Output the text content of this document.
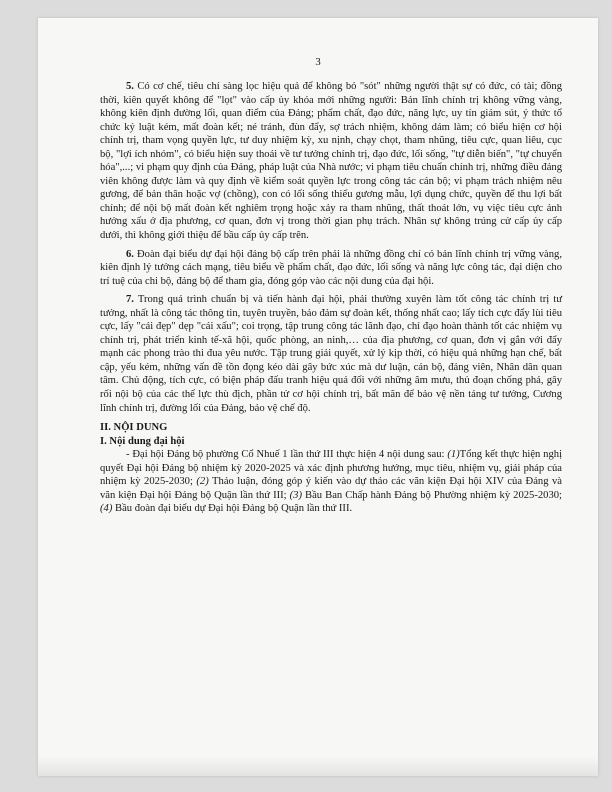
3

5. Có cơ chế, tiêu chí sàng lọc hiệu quả để không bỏ "sót" những người thật sự có đức, có tài; đồng thời, kiên quyết không để "lọt" vào cấp ủy khóa mới những người: Bản lĩnh chính trị không vững vàng, không kiên định đường lối, quan điểm của Đảng; phẩm chất, đạo đức, năng lực, uy tín giảm sút, ý thức tổ chức kỷ luật kém, mất đoàn kết; né tránh, đùn đẩy, sợ trách nhiệm, không dám làm; có biểu hiện cơ hội chính trị, tham vọng quyền lực, tư duy nhiệm kỳ, xu nịnh, chạy chọt, tham nhũng, tiêu cực, quan liêu, cục bộ, "lợi ích nhóm", có biểu hiện suy thoái về tư tưởng chính trị, đạo đức, lối sống, "tự diễn biến", "tự chuyển hóa",...; vi phạm quy định của Đảng, pháp luật của Nhà nước; vi phạm tiêu chuẩn chính trị, những điều đảng viên không được làm và quy định về kiểm soát quyền lực trong công tác cán bộ; vi phạm trách nhiệm nêu gương, để bản thân hoặc vợ (chồng), con có lối sống thiếu gương mẫu, lợi dụng chức, quyền để thu lợi bất chính; để nội bộ mất đoàn kết nghiêm trọng hoặc xảy ra tham nhũng, thất thoát lớn, vụ việc tiêu cực ảnh hưởng xấu ở địa phương, cơ quan, đơn vị trong thời gian phụ trách. Nhân sự không trúng cử cấp ủy cấp dưới, thì không giới thiệu để bầu cấp ủy cấp trên.

6. Đoàn đại biểu dự đại hội đảng bộ cấp trên phải là những đồng chí có bản lĩnh chính trị vững vàng, kiên định lý tưởng cách mạng, tiêu biểu về phẩm chất, đạo đức, lối sống và năng lực công tác, đại diện cho trí tuệ của chi bộ, đảng bộ để tham gia, đóng góp vào các nội dung của đại hội.

7. Trong quá trình chuẩn bị và tiến hành đại hội, phải thường xuyên làm tốt công tác chính trị tư tưởng, nhất là công tác thông tin, tuyên truyền, bảo đảm sự đoàn kết, thống nhất cao; lấy tích cực đẩy lùi tiêu cực, lấy "cái đẹp" dẹp "cái xấu"; coi trọng, tập trung công tác lãnh đạo, chỉ đạo hoàn thành tốt các nhiệm vụ chính trị, phát triển kinh tế-xã hội, quốc phòng, an ninh,… của địa phương, cơ quan, đơn vị gắn với đẩy mạnh các phong trào thi đua yêu nước. Tập trung giải quyết, xử lý kịp thời, có hiệu quả những hạn chế, bất cập, yếu kém, những vấn đề tồn đọng kéo dài gây bức xúc mà dư luận, cán bộ, đảng viên, Nhân dân quan tâm. Chủ động, tích cực, có biện pháp đấu tranh hiệu quả đối với những âm mưu, thủ đoạn chống phá, gây rối nội bộ của các thế lực thù địch, phần tử cơ hội chính trị, bất mãn để bảo vệ nền tảng tư tưởng, Cương lĩnh chính trị, đường lối của Đảng, bảo vệ chế độ.

II. NỘI DUNG
I. Nội dung đại hội

- Đại hội Đảng bộ phường Cổ Nhuế 1 lần thứ III thực hiện 4 nội dung sau: (1)Tổng kết thực hiện nghị quyết Đại hội Đảng bộ nhiệm kỳ 2020-2025 và xác định phương hướng, mục tiêu, nhiệm vụ, giải pháp của nhiệm kỳ 2025-2030; (2) Thảo luận, đóng góp ý kiến vào dự thảo các văn kiện Đại hội XIV của Đảng và văn kiện Đại hội Đảng bộ Quận lần thứ III; (3) Bầu Ban Chấp hành Đảng bộ Phường nhiệm kỳ 2025-2030; (4) Bầu đoàn đại biểu dự Đại hội Đảng bộ Quận lần thứ III.
